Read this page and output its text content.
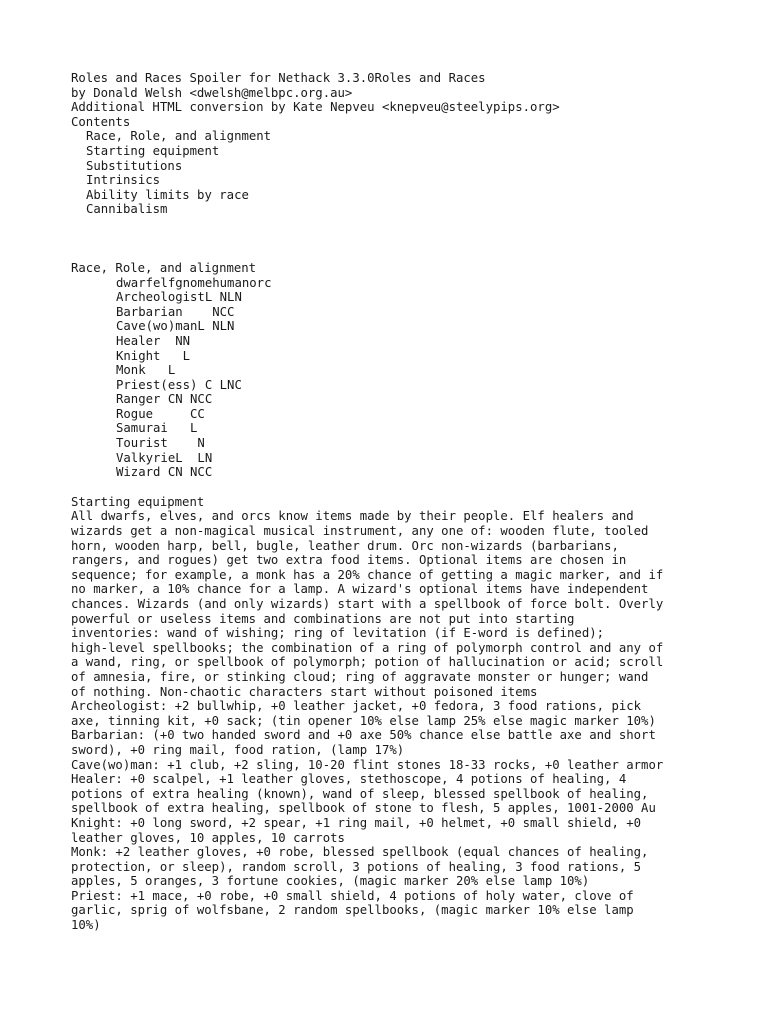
Roles and Races Spoiler for Nethack 3.3.0Roles and Races
by Donald Welsh <dwelsh@melbpc.org.au>
Additional HTML conversion by Kate Nepveu <knepveu@steelypips.org>
Contents
Race, Role, and alignment
Starting equipment
Substitutions
Intrinsics
Ability limits by race
Cannibalism
Race, Role, and alignment
dwarfelfgnomehumanorc
ArcheologistL NLN
Barbarian    NCC
Cave(wo)manL NLN
Healer  NN
Knight   L
Monk   L
Priest(ess) C LNC
Ranger CN NCC
Rogue     CC
Samurai   L
Tourist    N
ValkyrieL  LN
Wizard CN NCC
Starting equipment
All dwarfs, elves, and orcs know items made by their people. Elf healers and
wizards get a non-magical musical instrument, any one of: wooden flute, tooled
horn, wooden harp, bell, bugle, leather drum. Orc non-wizards (barbarians,
rangers, and rogues) get two extra food items. Optional items are chosen in
sequence; for example, a monk has a 20% chance of getting a magic marker, and if
no marker, a 10% chance for a lamp. A wizard's optional items have independent
chances. Wizards (and only wizards) start with a spellbook of force bolt. Overly
powerful or useless items and combinations are not put into starting
inventories: wand of wishing; ring of levitation (if E-word is defined);
high-level spellbooks; the combination of a ring of polymorph control and any of
a wand, ring, or spellbook of polymorph; potion of hallucination or acid; scroll
of amnesia, fire, or stinking cloud; ring of aggravate monster or hunger; wand
of nothing. Non-chaotic characters start without poisoned items
Archeologist: +2 bullwhip, +0 leather jacket, +0 fedora, 3 food rations, pick
axe, tinning kit, +0 sack; (tin opener 10% else lamp 25% else magic marker 10%)
Barbarian: (+0 two handed sword and +0 axe 50% chance else battle axe and short
sword), +0 ring mail, food ration, (lamp 17%)
Cave(wo)man: +1 club, +2 sling, 10-20 flint stones 18-33 rocks, +0 leather armor
Healer: +0 scalpel, +1 leather gloves, stethoscope, 4 potions of healing, 4
potions of extra healing (known), wand of sleep, blessed spellbook of healing,
spellbook of extra healing, spellbook of stone to flesh, 5 apples, 1001-2000 Au
Knight: +0 long sword, +2 spear, +1 ring mail, +0 helmet, +0 small shield, +0
leather gloves, 10 apples, 10 carrots
Monk: +2 leather gloves, +0 robe, blessed spellbook (equal chances of healing,
protection, or sleep), random scroll, 3 potions of healing, 3 food rations, 5
apples, 5 oranges, 3 fortune cookies, (magic marker 20% else lamp 10%)
Priest: +1 mace, +0 robe, +0 small shield, 4 potions of holy water, clove of
garlic, sprig of wolfsbane, 2 random spellbooks, (magic marker 10% else lamp
10%)
